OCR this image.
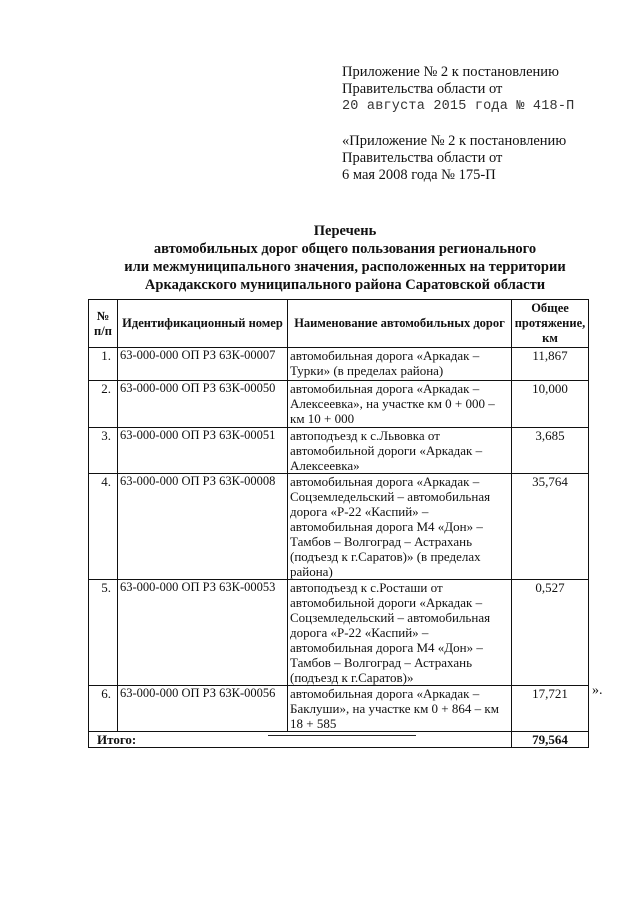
Приложение № 2 к постановлению
Правительства области от
20 августа 2015 года № 418-П
«Приложение № 2 к постановлению
Правительства области от
6 мая 2008 года № 175-П
Перечень
автомобильных дорог общего пользования регионального
или межмуниципального значения, расположенных на территории
Аркадакского муниципального района Саратовской области
№ п/п	Идентификационный номер	Наименование автомобильных дорог	Общее протяжение, км
1.	63-000-000 ОП РЗ 63К-00007	автомобильная дорога «Аркадак – Турки» (в пределах района)	11,867
2.	63-000-000 ОП РЗ 63К-00050	автомобильная дорога «Аркадак – Алексеевка», на участке км 0 + 000 – км 10 + 000	10,000
3.	63-000-000 ОП РЗ 63К-00051	автоподъезд к с.Львовка от автомобильной дороги «Аркадак – Алексеевка»	3,685
4.	63-000-000 ОП РЗ 63К-00008	автомобильная дорога «Аркадак – Соцземледельский – автомобильная дорога «Р-22 «Каспий» – автомобильная дорога М4 «Дон» – Тамбов – Волгоград – Астрахань (подъезд к г.Саратов)» (в пределах района)	35,764
5.	63-000-000 ОП РЗ 63К-00053	автоподъезд к с.Росташи от автомобильной дороги «Аркадак – Соцземледельский – автомобильная дорога «Р-22 «Каспий» – автомобильная дорога М4 «Дон» – Тамбов – Волгоград – Астрахань (подъезд к г.Саратов)»	0,527
6.	63-000-000 ОП РЗ 63К-00056	автомобильная дорога «Аркадак – Баклуши», на участке км 0 + 864 – км 18 + 585	17,721
Итого:			79,564
».
